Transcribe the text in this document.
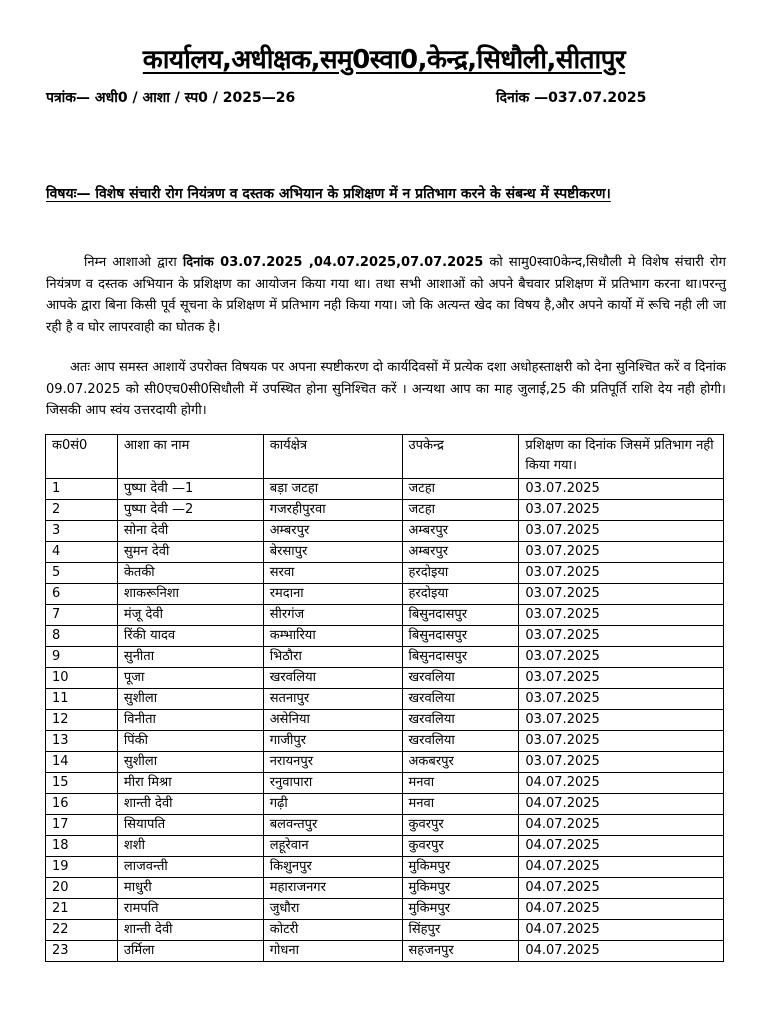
कार्यालय,अधीक्षक,समु0स्वा0,केन्द्र,सिधौली,सीतापुर
पत्रांक— अधी0 / आशा / स्प0 / 2025—26	दिनांक —037.07.2025
विषयः— विशेष संचारी रोग नियंत्रण व दस्तक अभियान के प्रशिक्षण में न प्रतिभाग करने के संबन्ध में स्पष्टीकरण।
निम्न आशाओ द्वारा दिनांक 03.07.2025 ,04.07.2025,07.07.2025 को सामु0स्वा0केन्द,सिधौली मे विशेष संचारी रोग नियंत्रण व दस्तक अभियान के प्रशिक्षण का आयोजन किया गया था। तथा सभी आशाओं को अपने बैचवार प्रशिक्षण में प्रतिभाग करना था।परन्तु आपके द्वारा बिना किसी पूर्व सूचना के प्रशिक्षण में प्रतिभाग नही किया गया। जो कि अत्यन्त खेद का विषय है,और अपने कार्यो में रूचि नही ली जा रही है व घोर लापरवाही का घोतक है।
अतः आप समस्त आशायें उपरोक्त विषयक पर अपना स्पष्टीकरण दो कार्यदिवसों में प्रत्येक दशा अधोहस्ताक्षरी को देना सुनिश्चित करें व दिनांक 09.07.2025 को सी0एच0सी0सिधौली में उपस्थित होना सुनिश्चित करें । अन्यथा आप का माह जुलाई,25 की प्रतिपूर्ति राशि देय नही होगी।जिसकी आप स्वंय उत्तरदायी होगी।
क0सं0	आशा का नाम	कार्यक्षेत्र	उपकेन्द्र	प्रशिक्षण का दिनांक जिसमें प्रतिभाग नही किया गया।
1	पुष्पा देवी —1	बड़ा जटहा	जटहा	03.07.2025
2	पुष्पा देवी —2	गजरहीपुरवा	जटहा	03.07.2025
3	सोना देवी	अम्बरपुर	अम्बरपुर	03.07.2025
4	सुमन देवी	बेरसापुर	अम्बरपुर	03.07.2025
5	केतकी	सरवा	हरदोइया	03.07.2025
6	शाकरूनिशा	रमदाना	हरदोइया	03.07.2025
7	मंजू देवी	सीरगंज	बिसुनदासपुर	03.07.2025
8	रिंकी यादव	कम्भारिया	बिसुनदासपुर	03.07.2025
9	सुनीता	भिठौरा	बिसुनदासपुर	03.07.2025
10	पूजा	खरवलिया	खरवलिया	03.07.2025
11	सुशीला	सतनापुर	खरवलिया	03.07.2025
12	विनीता	असेनिया	खरवलिया	03.07.2025
13	पिंकी	गाजीपुर	खरवलिया	03.07.2025
14	सुशीला	नरायनपुर	अकबरपुर	03.07.2025
15	मीरा मिश्रा	रनुवापारा	मनवा	04.07.2025
16	शान्ती देवी	गढ़ी	मनवा	04.07.2025
17	सियापति	बलवन्तपुर	कुवरपुर	04.07.2025
18	शशी	लहूरेवान	कुवरपुर	04.07.2025
19	लाजवन्ती	किशुनपुर	मुकिमपुर	04.07.2025
20	माधुरी	महाराजनगर	मुकिमपुर	04.07.2025
21	रामपति	जुधौरा	मुकिमपुर	04.07.2025
22	शान्ती देवी	कोटरी	सिंहपुर	04.07.2025
23	उर्मिला	गोधना	सहजनपुर	04.07.2025
